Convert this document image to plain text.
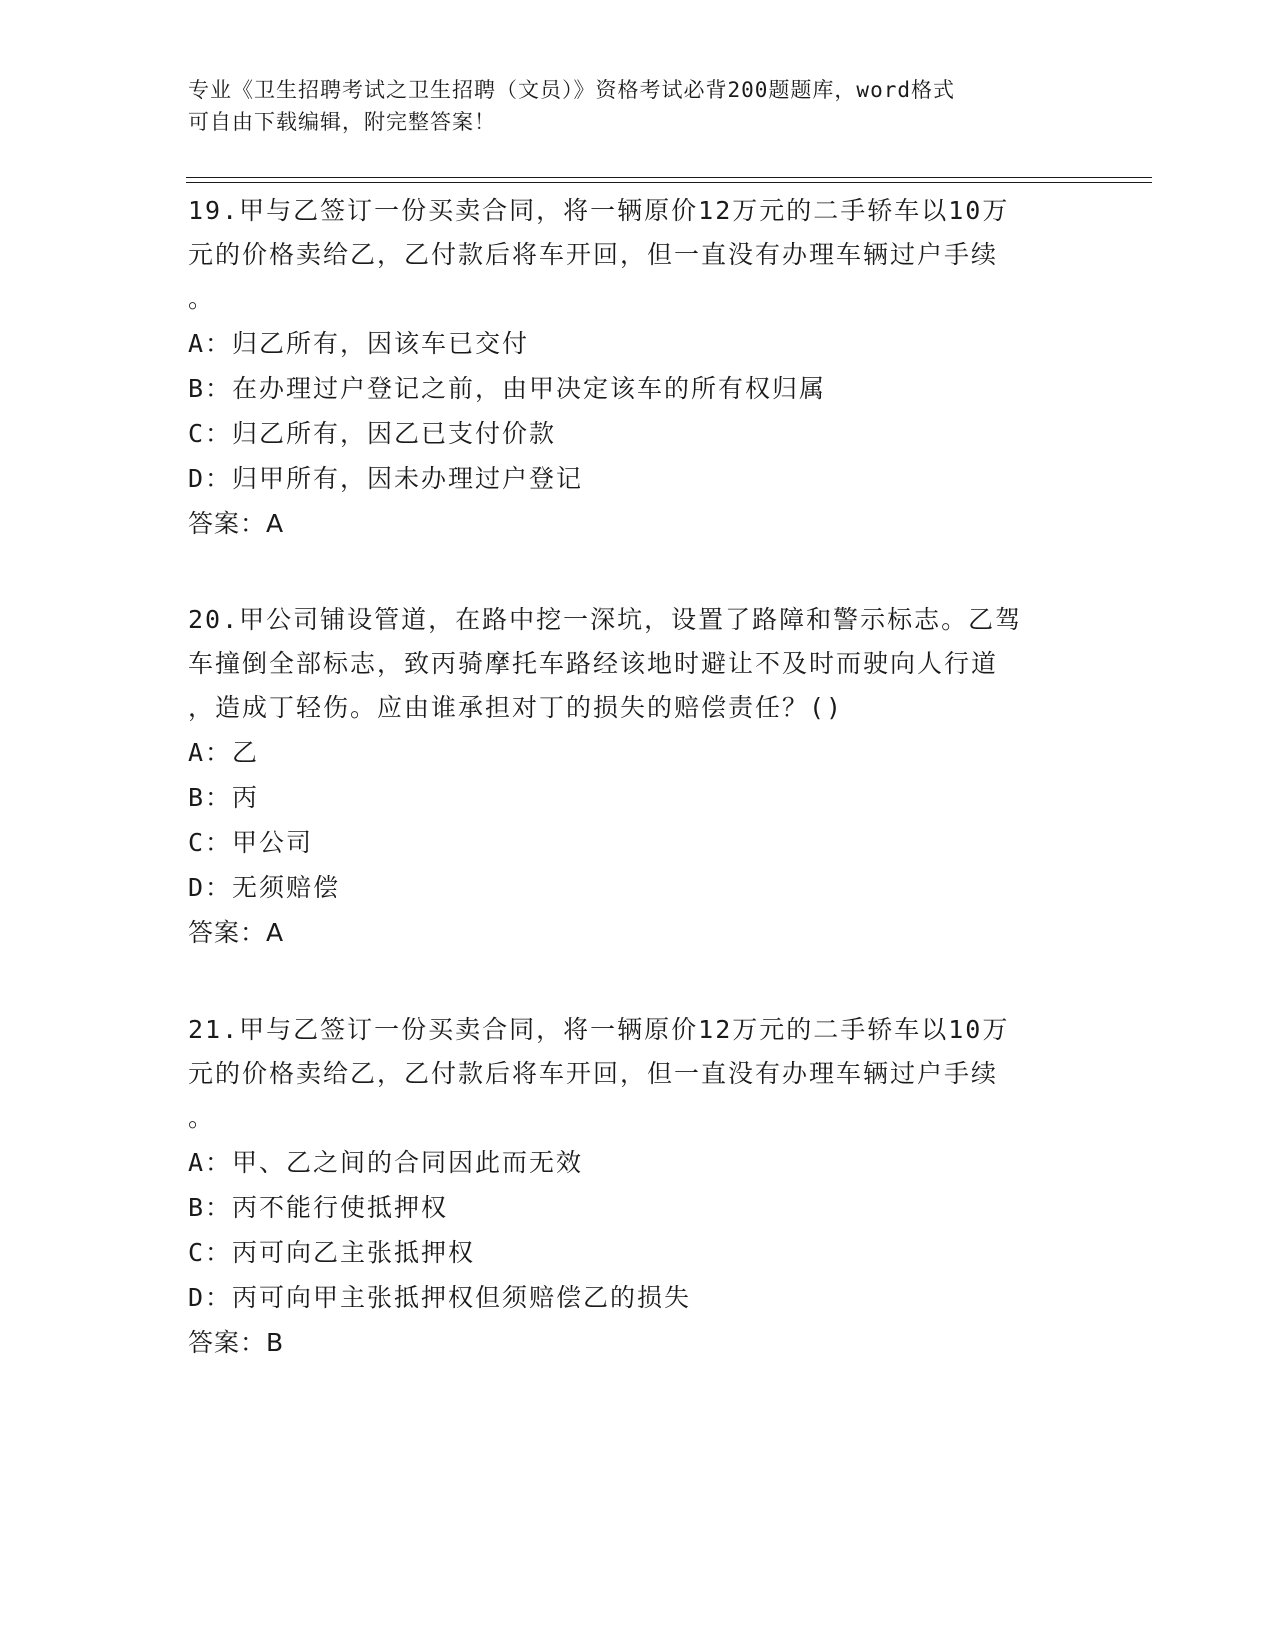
专业《卫生招聘考试之卫生招聘（文员）》资格考试必背200题题库，word格式
可自由下载编辑，附完整答案！

19.甲与乙签订一份买卖合同，将一辆原价12万元的二手轿车以10万

元的价格卖给乙，乙付款后将车开回，但一直没有办理车辆过户手续

。

A：归乙所有，因该车已交付

B：在办理过户登记之前，由甲决定该车的所有权归属

C：归乙所有，因乙已支付价款

D：归甲所有，因未办理过户登记

答案：A

20.甲公司铺设管道，在路中挖一深坑，设置了路障和警示标志。乙驾

车撞倒全部标志，致丙骑摩托车路经该地时避让不及时而驶向人行道

，造成丁轻伤。应由谁承担对丁的损失的赔偿责任？()

A：乙

B：丙

C：甲公司

D：无须赔偿

答案：A

21.甲与乙签订一份买卖合同，将一辆原价12万元的二手轿车以10万

元的价格卖给乙，乙付款后将车开回，但一直没有办理车辆过户手续

。

A：甲、乙之间的合同因此而无效

B：丙不能行使抵押权

C：丙可向乙主张抵押权

D：丙可向甲主张抵押权但须赔偿乙的损失

答案：B
